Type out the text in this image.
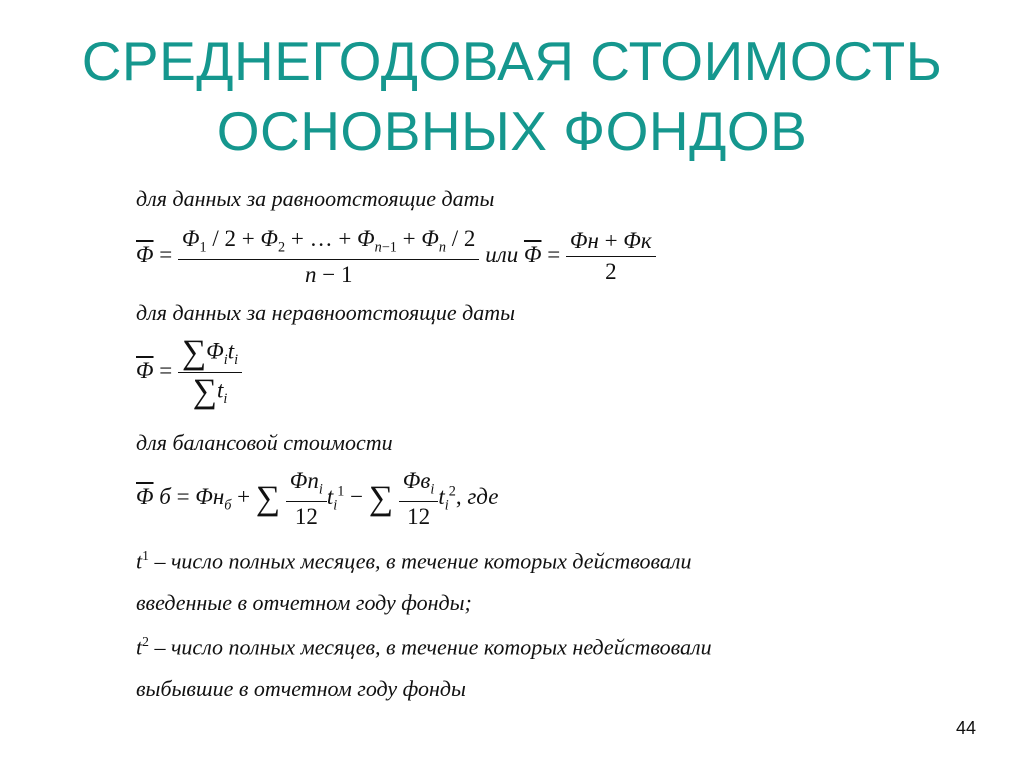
СРЕДНЕГОДОВАЯ СТОИМОСТЬ
ОСНОВНЫХ ФОНДОВ
для данных за равноотстоящие даты
$\overline{\Phi} = \frac{\Phi_1 / 2 + \Phi_2 + \dots + \Phi_{n-1} + \Phi_n / 2}{n - 1}$ или $\overline{\Phi} = \frac{\Phi н + \Phi к}{2}$
для данных за неравноотстоящие даты
$\overline{\Phi} = \frac{\sum\Phi_it_i}{\sum t_i}$
для балансовой стоимости
$\overline{\Phi}$ $б = \Phi н_б$ + ∑ $\frac{\Phi n_i}{12} t_i^1$ − ∑ $\frac{\Phi в_i}{12} t_i^2$, где
$t^1$ – число полных месяцев, в течение которых действовали
введенные в отчетном году фонды;
$t^2$ – число полных месяцев, в течение которых недействовали
выбывшие в отчетном году фонды
44
